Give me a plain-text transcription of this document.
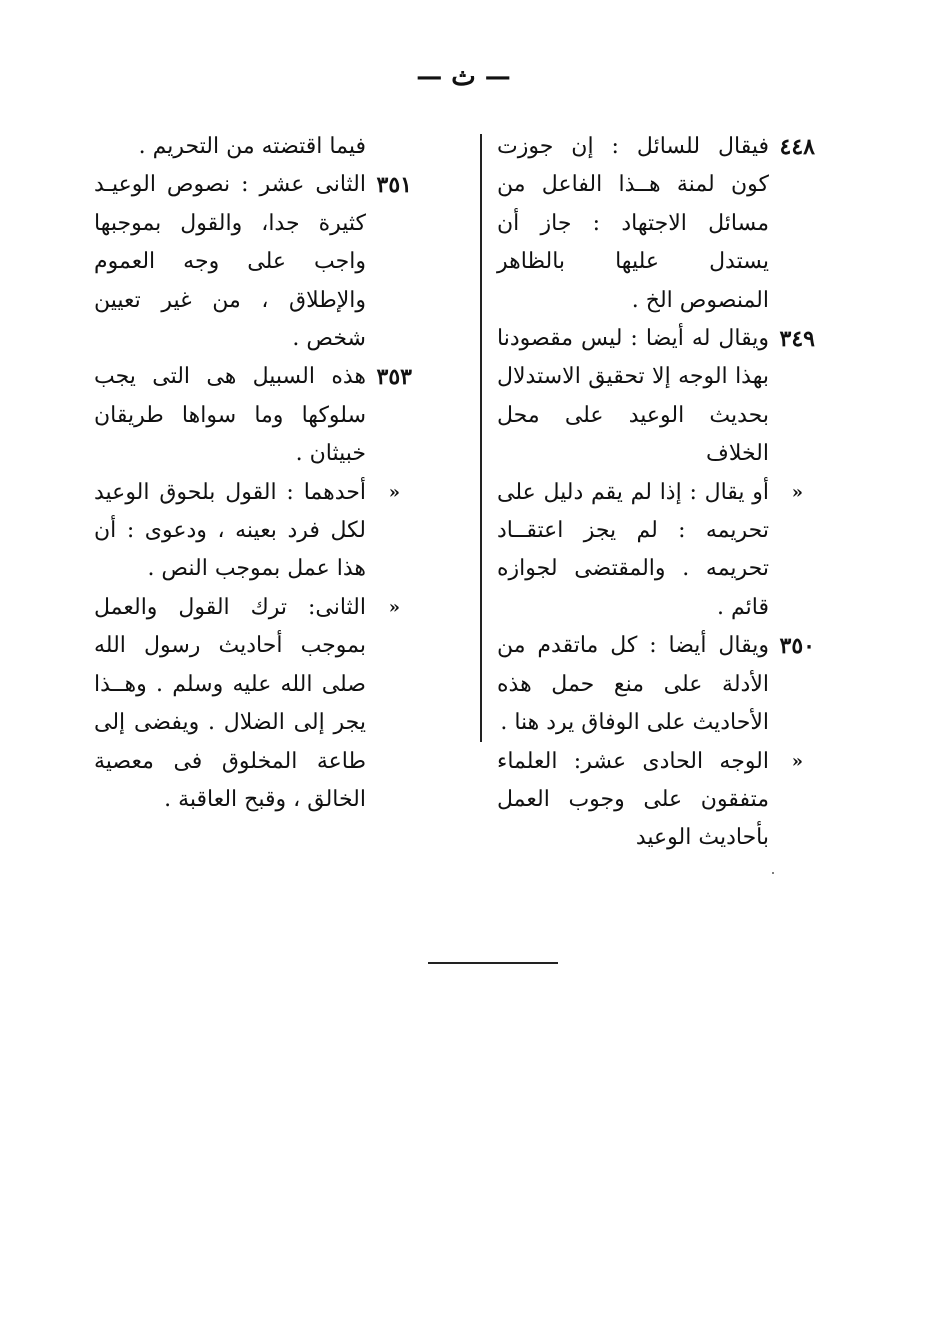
— ث —
٤٤٨
فيقال للسائل : إن جوزت كون لمنة هــذا الفاعل من مسائل الاجتهاد : جاز أن يستدل عليها بالظاهر المنصوص الخ .
٣٤٩
ويقال له أيضا : ليس مقصودنا بهذا الوجه إلا تحقيق الاستدلال بحديث الوعيد على محل الخلاف
«
أو يقال : إذا لم يقم دليل على تحريمه : لم يجز اعتقــاد تحريمه . والمقتضى لجوازه قائم .
٣٥٠
ويقال أيضا : كل ماتقدم من الأدلة على منع حمل هذه الأحاديث على الوفاق يرد هنا .
«
الوجه الحادى عشر: العلماء متفقون على وجوب العمل بأحاديث الوعيد
فيما اقتضته من التحريم .
٣٥١
الثانى عشر : نصوص الوعيـد كثيرة جدا، والقول بموجبها واجب على وجه العموم والإطلاق ، من غير تعيين شخص .
٣٥٣
هذه السبيل هى التى يجب سلوكها وما سواها طريقان خبيثان .
«
أحدهما : القول بلحوق الوعيد لكل فرد بعينه ، ودعوى : أن هذا عمل بموجب النص .
«
الثانى: ترك القول والعمل بموجب أحاديث رسول الله صلى الله عليه وسلم . وهــذا يجر إلى الضلال . ويفضى إلى طاعة المخلوق فى معصية الخالق ، وقبح العاقبة .
